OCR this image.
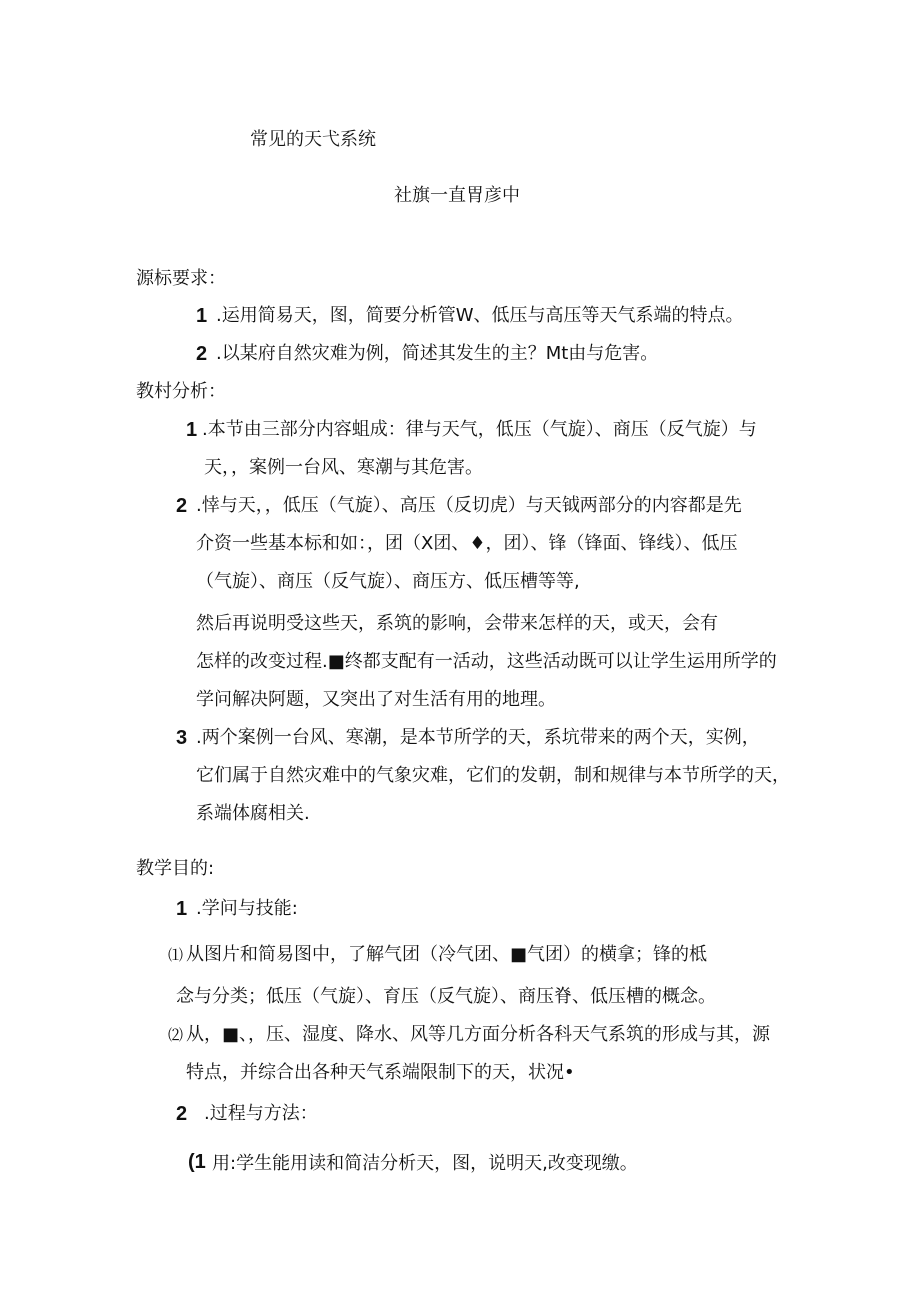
常见的天弋系统
社旗一直胃彦中
源标要求：
1 .运用简易天，图，简要分析管W、低压与高压等天气系端的特点。
2 .以某府自然灾难为例，简述其发生的主？Mt由与危害。
教村分析：
1 .本节由三部分内容蛆成：律与天气，低压（气旋）、商压（反气旋）与
天，，案例一台风、寒潮与其危害。
2 .悻与天，，低压（气旋）、高压（反切虎）与天钺两部分的内容都是先
介资一些基本标和如：，团（X团、♦，团）、锋（锋面、锋线）、低压
（气旋）、商压（反气旋）、商压方、低压槽等等,
然后再说明受这些天，系筑的影响，会带来怎样的天，或天，会有
怎样的改变过程.■终都支配有一活动，这些活动既可以让学生运用所学的
学问解决阿题，又突出了对生活有用的地理。
3 .两个案例一台风、寒潮，是本节所学的天，系坑带来的两个天，实例，
它们属于自然灾难中的气象灾难，它们的发朝，制和规律与本节所学的天，
系端体腐相关.
教学目的:
1 .学问与技能:
⑴ 从图片和简易图中，了解气团（冷气团、■气团）的横拿；锋的柢
念与分类；低压（气旋）、育压（反气旋）、商压脊、低压槽的概念。
⑵ 从，■、，压、湿度、降水、风等几方面分析各科天气系筑的形成与其，源
特点，并综合出各种天气系端限制下的天，状况•
2 .过程与方法：
(1 用:学生能用读和简洁分析天，图，说明天,改变现缴。
